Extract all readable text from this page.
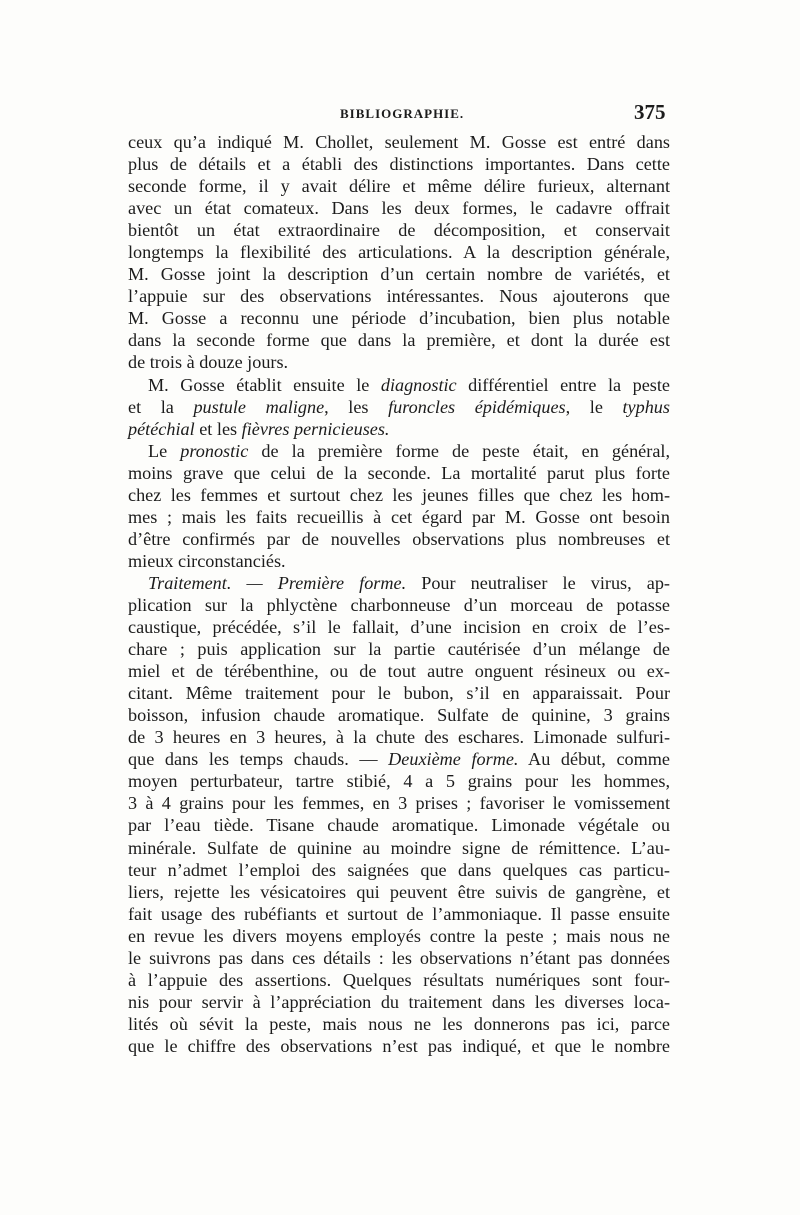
BIBLIOGRAPHIE.	375
ceux qu’a indiqué M. Chollet, seulement M. Gosse est entré dans
plus de détails et a établi des distinctions importantes. Dans cette
seconde forme, il y avait délire et même délire furieux, alternant
avec un état comateux. Dans les deux formes, le cadavre offrait
bientôt un état extraordinaire de décomposition, et conservait
longtemps la flexibilité des articulations. A la description générale,
M. Gosse joint la description d’un certain nombre de variétés, et
l’appuie sur des observations intéressantes. Nous ajouterons que
M. Gosse a reconnu une période d’incubation, bien plus notable
dans la seconde forme que dans la première, et dont la durée est
de trois à douze jours.
M. Gosse établit ensuite le diagnostic différentiel entre la peste
et la pustule maligne, les furoncles épidémiques, le typhus
pétéchial et les fièvres pernicieuses.
Le pronostic de la première forme de peste était, en général,
moins grave que celui de la seconde. La mortalité parut plus forte
chez les femmes et surtout chez les jeunes filles que chez les hom-
mes ; mais les faits recueillis à cet égard par M. Gosse ont besoin
d’être confirmés par de nouvelles observations plus nombreuses et
mieux circonstanciés.
Traitement. — Première forme. Pour neutraliser le virus, ap-
plication sur la phlyctène charbonneuse d’un morceau de potasse
caustique, précédée, s’il le fallait, d’une incision en croix de l’es-
chare ; puis application sur la partie cautérisée d’un mélange de
miel et de térébenthine, ou de tout autre onguent résineux ou ex-
citant. Même traitement pour le bubon, s’il en apparaissait. Pour
boisson, infusion chaude aromatique. Sulfate de quinine, 3 grains
de 3 heures en 3 heures, à la chute des eschares. Limonade sulfuri-
que dans les temps chauds. — Deuxième forme. Au début, comme
moyen perturbateur, tartre stibié, 4 a 5 grains pour les hommes,
3 à 4 grains pour les femmes, en 3 prises ; favoriser le vomissement
par l’eau tiède. Tisane chaude aromatique. Limonade végétale ou
minérale. Sulfate de quinine au moindre signe de rémittence. L’au-
teur n’admet l’emploi des saignées que dans quelques cas particu-
liers, rejette les vésicatoires qui peuvent être suivis de gangrène, et
fait usage des rubéfiants et surtout de l’ammoniaque. Il passe ensuite
en revue les divers moyens employés contre la peste ; mais nous ne
le suivrons pas dans ces détails : les observations n’étant pas données
à l’appuie des assertions. Quelques résultats numériques sont four-
nis pour servir à l’appréciation du traitement dans les diverses loca-
lités où sévit la peste, mais nous ne les donnerons pas ici, parce
que le chiffre des observations n’est pas indiqué, et que le nombre
